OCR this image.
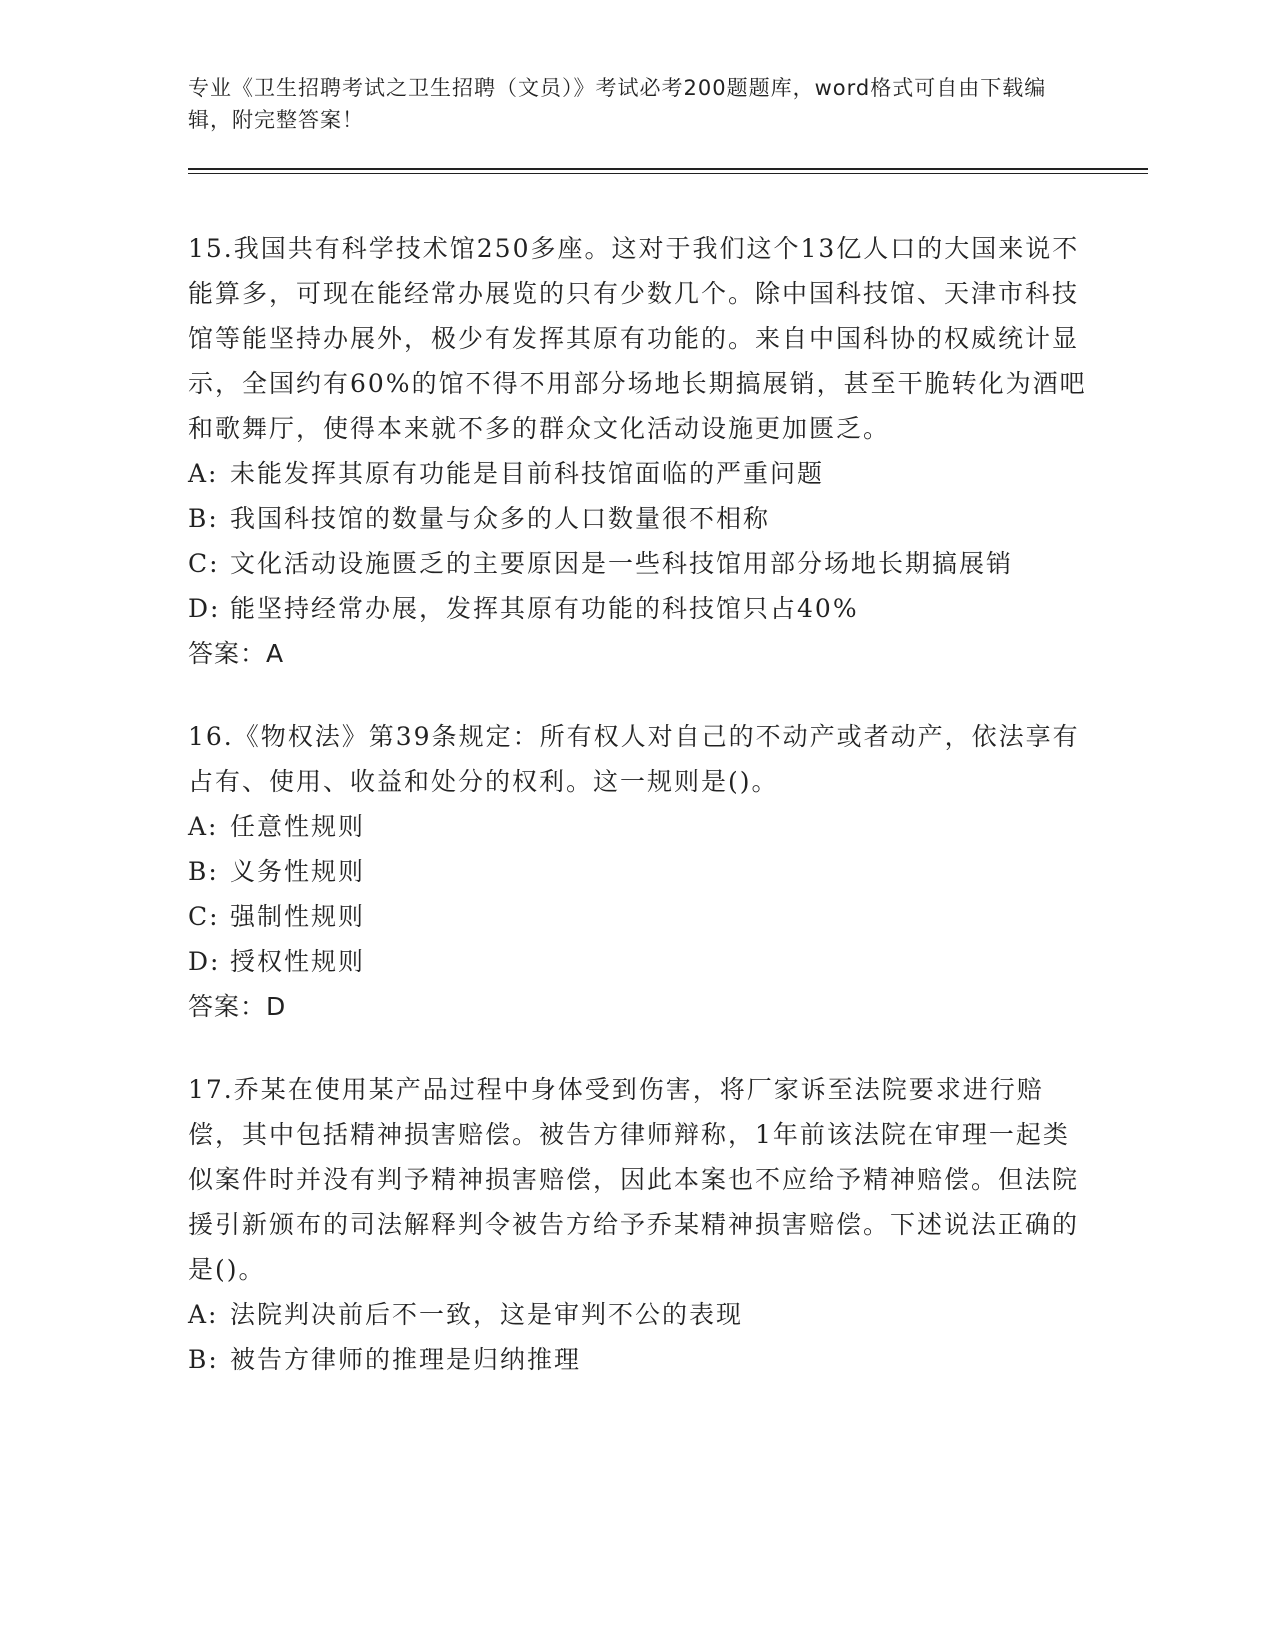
专业《卫生招聘考试之卫生招聘（文员）》考试必考200题题库，word格式可自由下载编辑，附完整答案！

15.我国共有科学技术馆250多座。这对于我们这个13亿人口的大国来说不能算多，可现在能经常办展览的只有少数几个。除中国科技馆、天津市科技馆等能坚持办展外，极少有发挥其原有功能的。来自中国科协的权威统计显示，全国约有60%的馆不得不用部分场地长期搞展销，甚至干脆转化为酒吧和歌舞厅，使得本来就不多的群众文化活动设施更加匮乏。

A: 未能发挥其原有功能是目前科技馆面临的严重问题
B: 我国科技馆的数量与众多的人口数量很不相称
C: 文化活动设施匮乏的主要原因是一些科技馆用部分场地长期搞展销
D: 能坚持经常办展，发挥其原有功能的科技馆只占40%

答案：A

16.《物权法》第39条规定：所有权人对自己的不动产或者动产，依法享有占有、使用、收益和处分的权利。这一规则是()。

A: 任意性规则
B: 义务性规则
C: 强制性规则
D: 授权性规则

答案：D

17.乔某在使用某产品过程中身体受到伤害，将厂家诉至法院要求进行赔偿，其中包括精神损害赔偿。被告方律师辩称，1年前该法院在审理一起类似案件时并没有判予精神损害赔偿，因此本案也不应给予精神赔偿。但法院援引新颁布的司法解释判令被告方给予乔某精神损害赔偿。下述说法正确的是()。

A: 法院判决前后不一致，这是审判不公的表现
B: 被告方律师的推理是归纳推理
